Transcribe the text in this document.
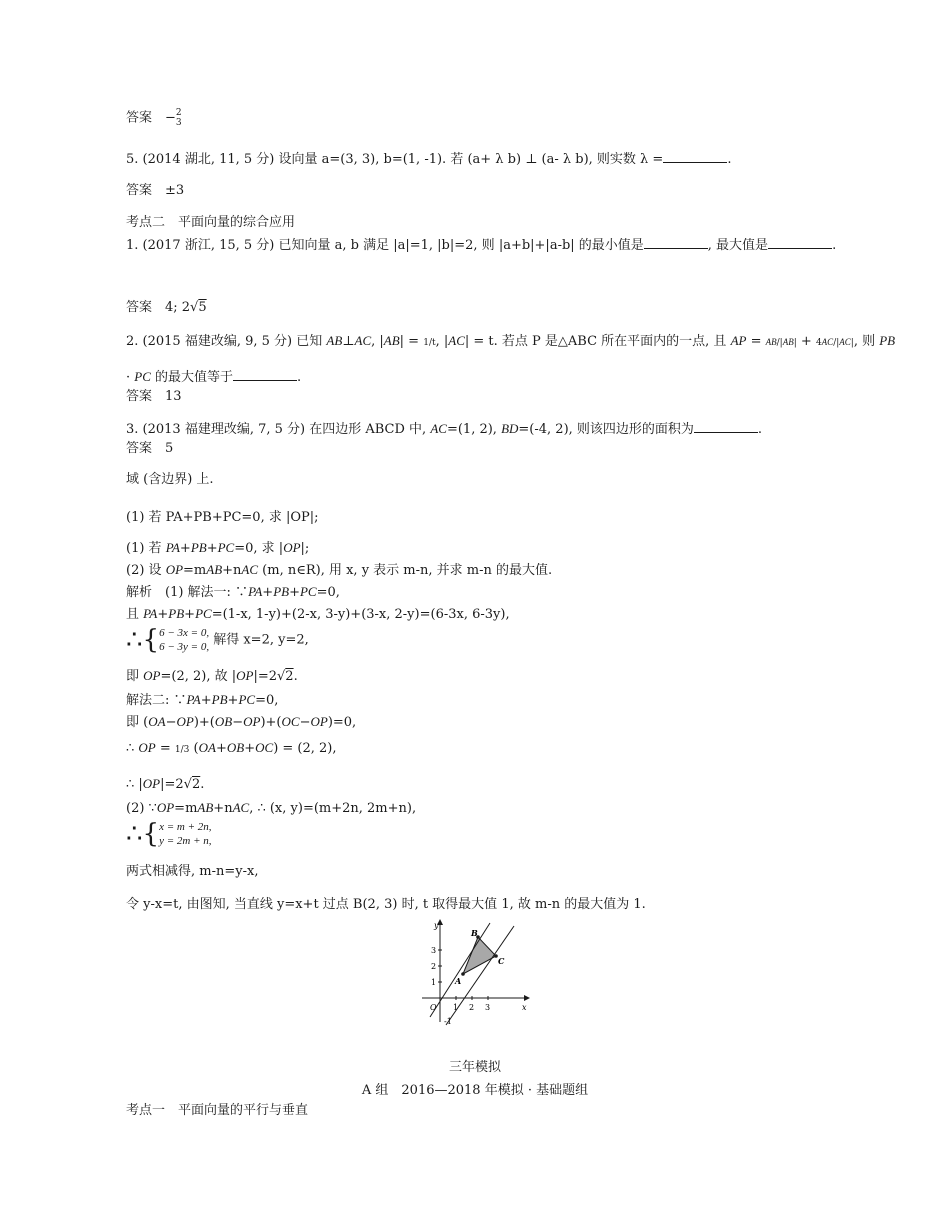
答案　−2
3
5. (2014 湖北, 11, 5 分) 设向量 a=(3, 3), b=(1, -1). 若 (a+ λ b) ⊥ (a- λ b), 则实数 λ =	.
答案　±3
考点二　平面向量的综合应用
1. (2017 浙江, 15, 5 分) 已知向量 a, b 满足 |a|=1, |b|=2, 则 |a+b|+|a-b| 的最小值是	, 最大值是	.
答案　4; 2√5
2. (2015 福建改编, 9, 5 分) 已知 AB⊥AC, |AB| = 1/t, |AC| = t. 若点 P 是△ABC 所在平面内的一点, 且 AP = AB/|AB| + 4AC/|AC|, 则 PB
· PC 的最大值等于	.
答案　13
3. (2013 福建理改编, 7, 5 分) 在四边形 ABCD 中, AC=(1, 2), BD=(-4, 2), 则该四边形的面积为	.
答案　5
域 (含边界) 上.
(1) 若 PA+PB+PC=0, 求 |OP|;
(1) 若 PA+PB+PC=0, 求 |OP|;
(2) 设 OP=mAB+nAC (m, n∈R), 用 x, y 表示 m-n, 并求 m-n 的最大值.
解析　(1) 解法一: ∵PA+PB+PC=0,
且 PA+PB+PC=(1-x, 1-y)+(2-x, 3-y)+(3-x, 2-y)=(6-3x, 6-3y),
∴{6 − 3x = 0,
6 − 3y = 0, 解得 x=2, y=2,
即 OP=(2, 2), 故 |OP|=2√2.
解法二: ∵PA+PB+PC=0,
即 (OA−OP)+(OB−OP)+(OC−OP)=0,
∴ OP = 1/3 (OA+OB+OC) = (2, 2),
∴ |OP|=2√2.
(2) ∵OP=mAB+nAC, ∴ (x, y)=(m+2n, 2m+n),
∴{x = m + 2n,
y = 2m + n,
两式相减得, m-n=y-x,
令 y-x=t, 由图知, 当直线 y=x+t 过点 B(2, 3) 时, t 取得最大值 1, 故 m-n 的最大值为 1.
y
x
O 1 2 3
1
2
3
-1
A
B
C
三年模拟
A 组　2016—2018 年模拟 · 基础题组
考点一　平面向量的平行与垂直
